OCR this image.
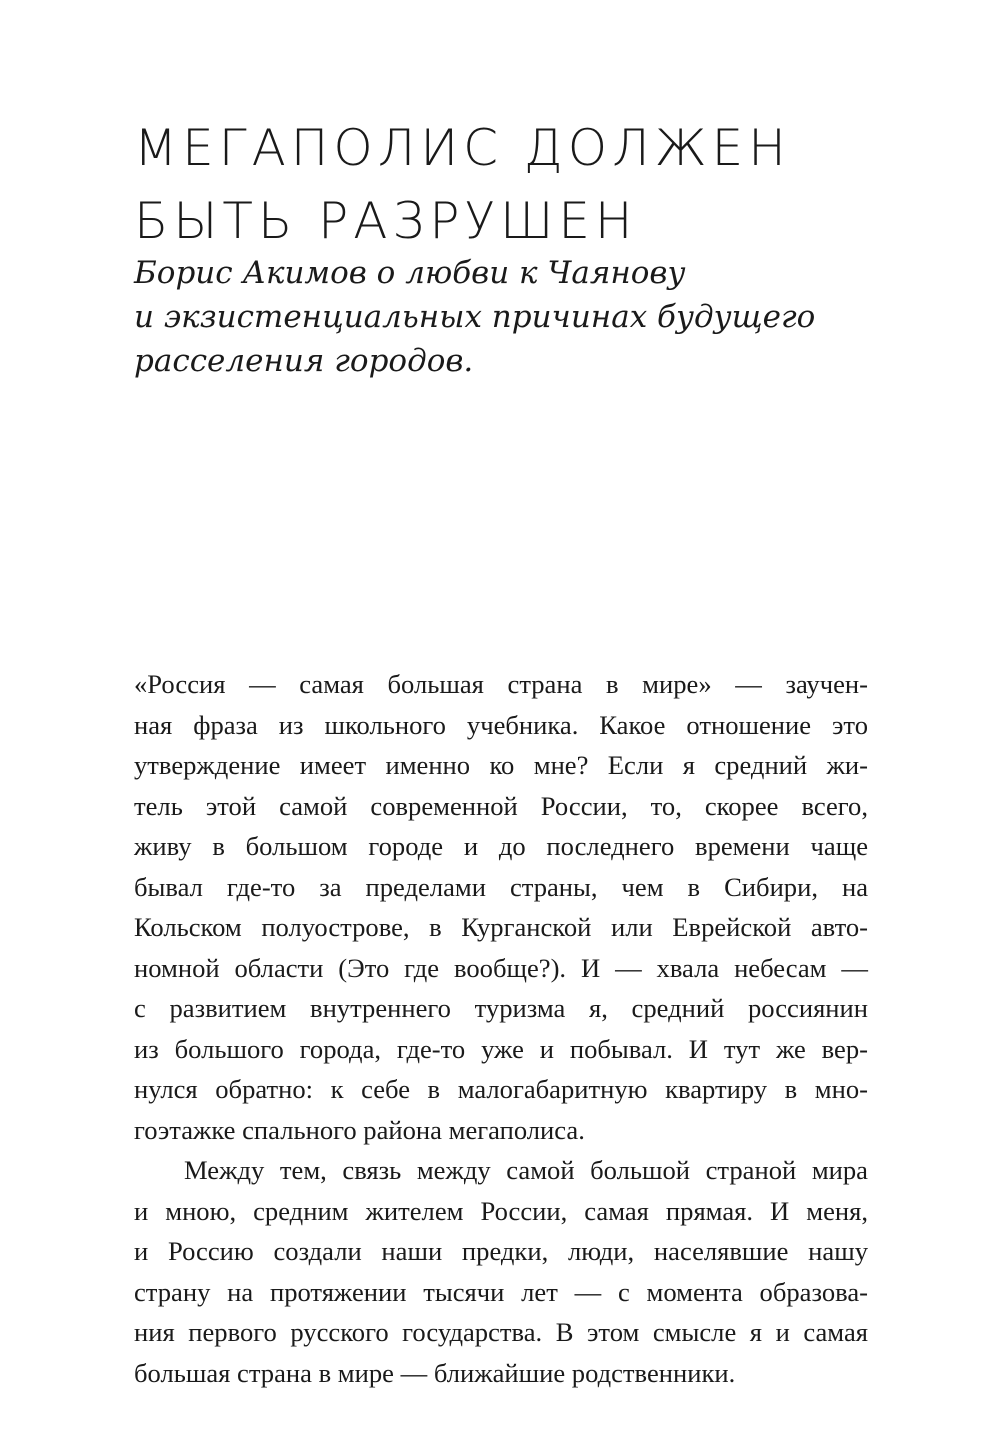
МЕГАПОЛИС ДОЛЖЕН
БЫТЬ РАЗРУШЕН
Борис Акимов о любви к Чаянову
и экзистенциальных причинах будущего
расселения городов.
«Россия — самая большая страна в мире» — заучен-
ная фраза из школьного учебника. Какое отношение это
утверждение имеет именно ко мне? Если я средний жи-
тель этой самой современной России, то, скорее всего,
живу в большом городе и до последнего времени чаще
бывал где-то за пределами страны, чем в Сибири, на
Кольском полуострове, в Курганской или Еврейской авто-
номной области (Это где вообще?). И — хвала небесам —
с развитием внутреннего туризма я, средний россиянин
из большого города, где-то уже и побывал. И тут же вер-
нулся обратно: к себе в малогабаритную квартиру в мно-
гоэтажке спального района мегаполиса.
Между тем, связь между самой большой страной мира
и мною, средним жителем России, самая прямая. И меня,
и Россию создали наши предки, люди, населявшие нашу
страну на протяжении тысячи лет — с момента образова-
ния первого русского государства. В этом смысле я и самая
большая страна в мире — ближайшие родственники.
